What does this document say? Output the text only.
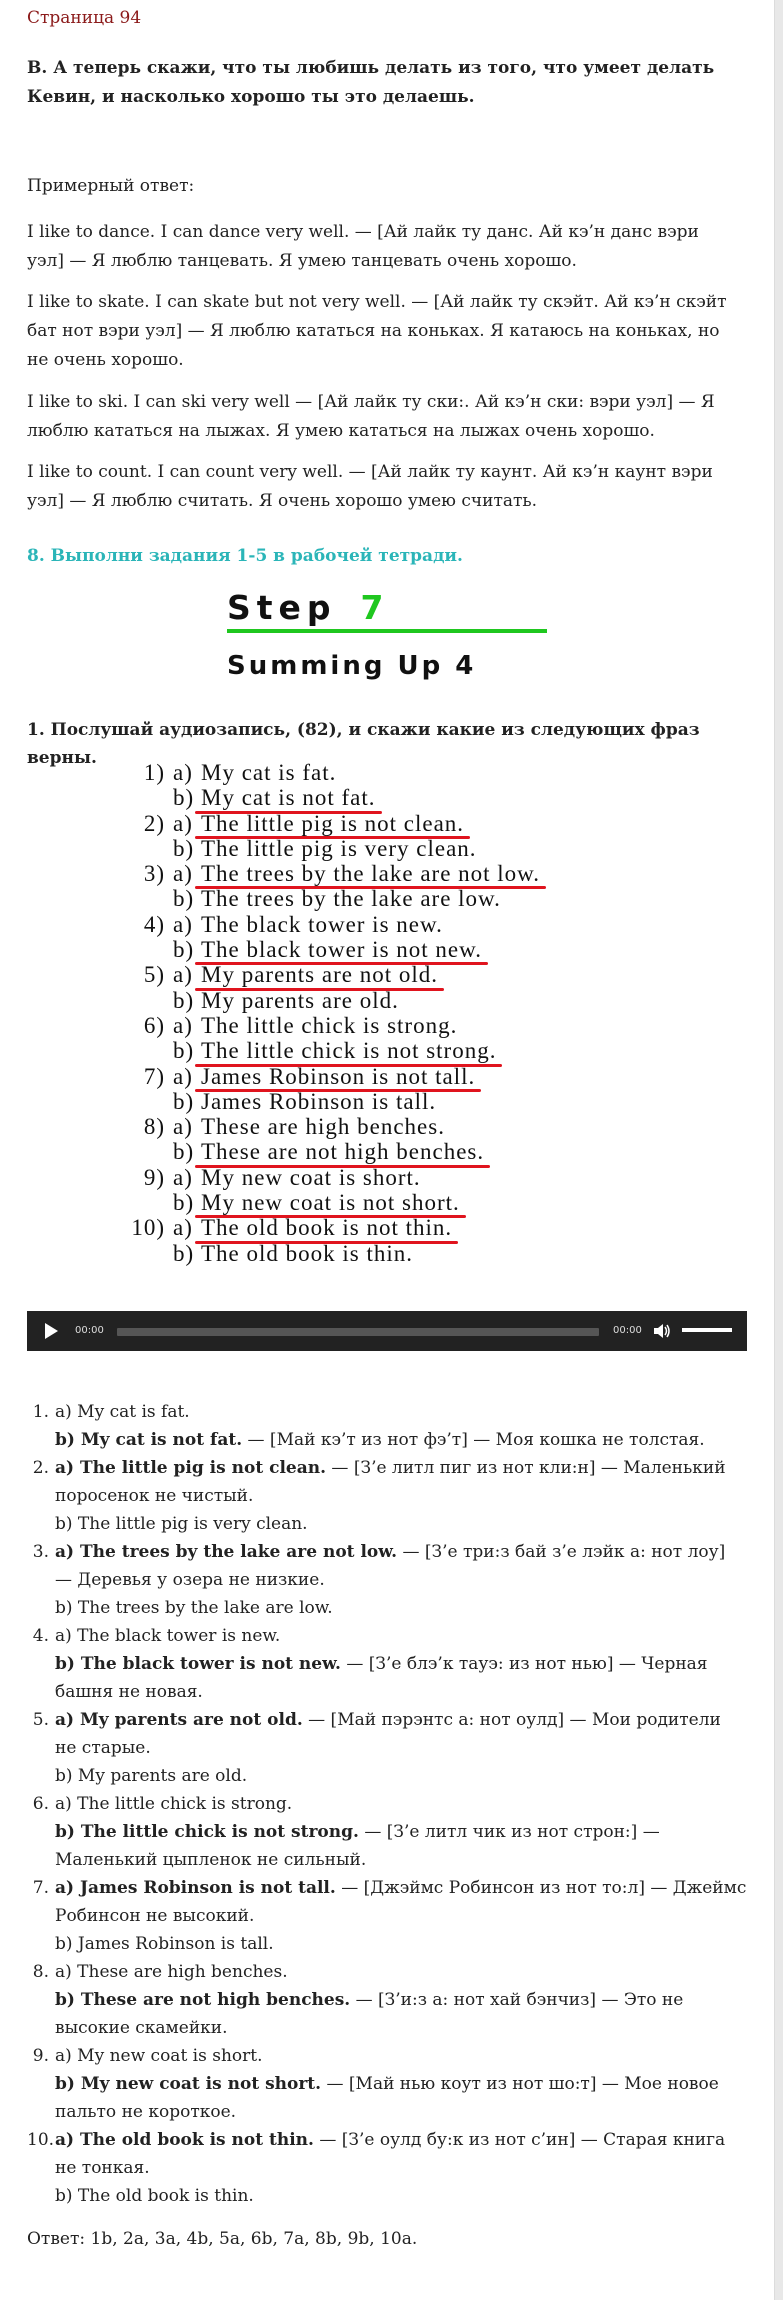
Страница 94
B. А теперь скажи, что ты любишь делать из того, что умеет делать Кевин, и насколько хорошо ты это делаешь.
Примерный ответ:
I like to dance. I can dance very well. — [Ай лайк ту данс. Ай кэ’н данс вэри уэл] — Я люблю танцевать. Я умею танцевать очень хорошо.
I like to skate. I can skate but not very well. — [Ай лайк ту скэйт. Ай кэ’н скэйт бат нот вэри уэл] — Я люблю кататься на коньках. Я катаюсь на коньках, но не очень хорошо.
I like to ski. I can ski very well — [Ай лайк ту ски:. Ай кэ’н ски: вэри уэл] — Я люблю кататься на лыжах. Я умею кататься на лыжах очень хорошо.
I like to count. I can count very well. — [Ай лайк ту каунт. Ай кэ’н каунт вэри уэл] — Я люблю считать. Я очень хорошо умею считать.
8. Выполни задания 1-5 в рабочей тетради.
Step 7
Summing Up 4
1. Послушай аудиозапись, (82), и скажи какие из следующих фраз верны.
1) a) My cat is fat.
b) My cat is not fat.
2) a) The little pig is not clean.
b) The little pig is very clean.
3) a) The trees by the lake are not low.
b) The trees by the lake are low.
4) a) The black tower is new.
b) The black tower is not new.
5) a) My parents are not old.
b) My parents are old.
6) a) The little chick is strong.
b) The little chick is not strong.
7) a) James Robinson is not tall.
b) James Robinson is tall.
8) a) These are high benches.
b) These are not high benches.
9) a) My new coat is short.
b) My new coat is not short.
10) a) The old book is not thin.
b) The old book is thin.
00:00	00:00
1. a) My cat is fat.
b) My cat is not fat. — [Май кэ’т из нот фэ’т] — Моя кошка не толстая.
2. a) The little pig is not clean. — [З’е литл пиг из нот кли:н] — Маленький поросенок не чистый.
b) The little pig is very clean.
3. a) The trees by the lake are not low. — [З’е три:з бай з’е лэйк а: нот лоу] — Деревья у озера не низкие.
b) The trees by the lake are low.
4. a) The black tower is new.
b) The black tower is not new. — [З’е блэ’к тауэ: из нот нью] — Черная башня не новая.
5. a) My parents are not old. — [Май пэрэнтс а: нот оулд] — Мои родители не старые.
b) My parents are old.
6. a) The little chick is strong.
b) The little chick is not strong. — [З’е литл чик из нот строн:] — Маленький цыпленок не сильный.
7. a) James Robinson is not tall. — [Джэймс Робинсон из нот то:л] — Джеймс Робинсон не высокий.
b) James Robinson is tall.
8. a) These are high benches.
b) These are not high benches. — [З’и:з а: нот хай бэнчиз] — Это не высокие скамейки.
9. a) My new coat is short.
b) My new coat is not short. — [Май нью коут из нот шо:т] — Мое новое пальто не короткое.
10. a) The old book is not thin. — [З’е оулд бу:к из нот с’ин] — Старая книга не тонкая.
b) The old book is thin.
Ответ: 1b, 2a, 3a, 4b, 5a, 6b, 7a, 8b, 9b, 10a.
